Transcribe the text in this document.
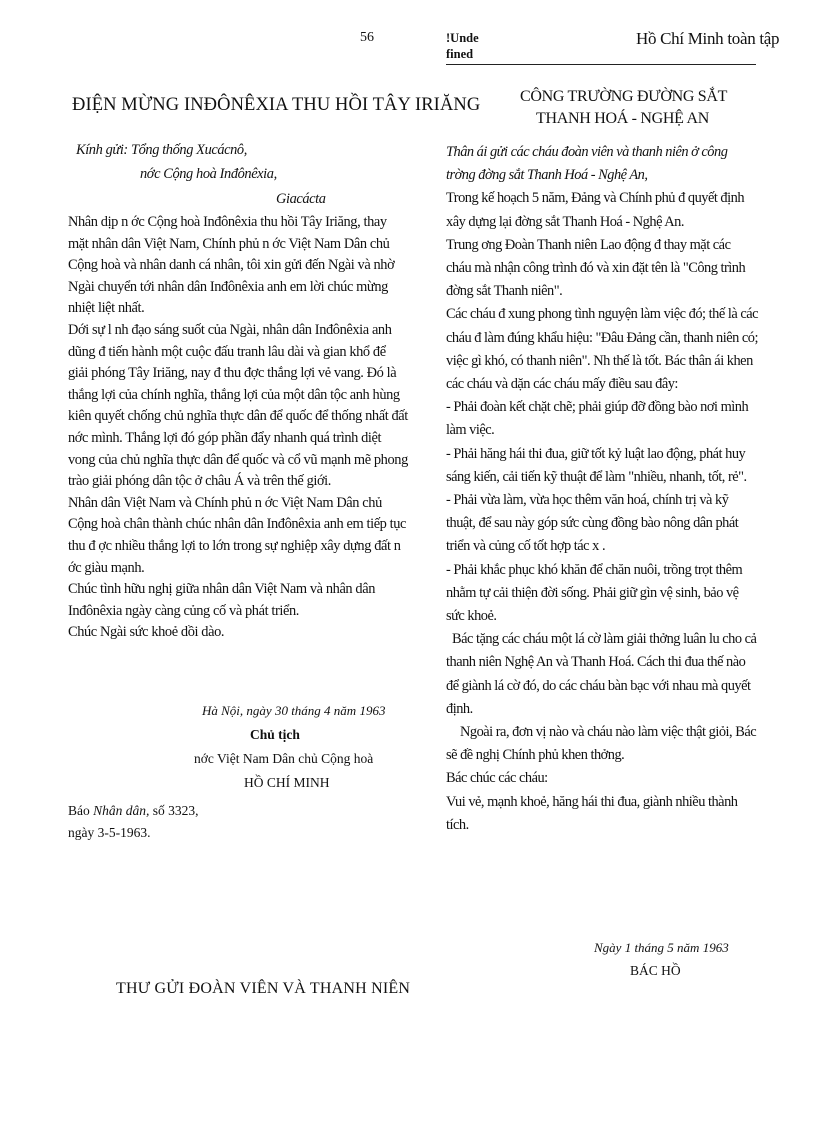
56	!Unde fined
Hồ Chí Minh toàn tập
ĐIỆN MỪNG INĐÔNÊXIA THU HỒI TÂY IRIĂNG
Kính gửi: Tổng thống Xucácnô,
nớc Cộng hoà Inđônêxia,
Giacácta

Nhân dịp n ớc Cộng hoà Inđônêxia thu hồi Tây Iriăng, thay mặt nhân dân Việt Nam, Chính phủ n ớc Việt Nam Dân chủ Cộng hoà và nhân danh cá nhân, tôi xin gửi đến Ngài và nhờ Ngài chuyển tới nhân dân Inđônêxia anh em lời chúc mừng nhiệt liệt nhất.

Dới sự l nh đạo sáng suốt của Ngài, nhân dân Inđônêxia anh dũng đ tiến hành một cuộc đấu tranh lâu dài và gian khổ để giải phóng Tây Iriăng, nay đ thu đợc thắng lợi vẻ vang. Đó là thắng lợi của chính nghĩa, thắng lợi của một dân tộc anh hùng kiên quyết chống chủ nghĩa thực dân để quốc để thống nhất đất nớc mình. Thắng lợi đó góp phần đẩy nhanh quá trình diệt vong của chủ nghĩa thực dân để quốc và cổ vũ mạnh mẽ phong trào giải phóng dân tộc ở châu Á và trên thế giới.

Nhân dân Việt Nam và Chính phủ n ớc Việt Nam Dân chủ Cộng hoà chân thành chúc nhân dân Inđônêxia anh em tiếp tục thu đ ợc nhiều thắng lợi to lớn trong sự nghiệp xây dựng đất n ớc giàu mạnh.

Chúc tình hữu nghị giữa nhân dân Việt Nam và nhân dân Inđônêxia ngày càng củng cố và phát triển.

Chúc Ngài sức khoẻ dồi dào.

Hà Nội, ngày 30 tháng 4 năm 1963
Chủ tịch
nớc Việt Nam Dân chủ Cộng hoà
HỒ CHÍ MINH
Báo Nhân dân, số 3323,
ngày 3-5-1963.
THƯ GỬI ĐOÀN VIÊN VÀ THANH NIÊN
CÔNG TRƯỜNG ĐƯỜNG SẮT
THANH HOÁ - NGHỆ AN

Thân ái gửi các cháu đoàn viên và thanh niên ở công trờng đờng sắt Thanh Hoá - Nghệ An,

Trong kế hoạch 5 năm, Đảng và Chính phủ đ quyết định xây dựng lại đờng sắt Thanh Hoá - Nghệ An.

Trung ơng Đoàn Thanh niên Lao động đ thay mặt các cháu mà nhận công trình đó và xin đặt tên là "Công trình đờng sắt Thanh niên".

Các cháu đ xung phong tình nguyện làm việc đó; thế là các cháu đ làm đúng khẩu hiệu: "Đâu Đảng cần, thanh niên có; việc gì khó, có thanh niên". Nh thế là tốt. Bác thân ái khen các cháu và dặn các cháu mấy điều sau đây:

- Phải đoàn kết chặt chẽ; phải giúp đỡ đồng bào nơi mình làm việc.

- Phải hăng hái thi đua, giữ tốt kỷ luật lao động, phát huy sáng kiến, cải tiến kỹ thuật để làm "nhiều, nhanh, tốt, rẻ".

- Phải vừa làm, vừa học thêm văn hoá, chính trị và kỹ thuật, để sau này góp sức cùng đồng bào nông dân phát triển và củng cố tốt hợp tác x .

- Phải khắc phục khó khăn để chăn nuôi, trồng trọt thêm nhằm tự cải thiện đời sống. Phải giữ gìn vệ sinh, bảo vệ sức khoẻ.

Bác tặng các cháu một lá cờ làm giải thởng luân lu cho cả thanh niên Nghệ An và Thanh Hoá. Cách thi đua thế nào để giành lá cờ đó, do các cháu bàn bạc với nhau mà quyết định.

Ngoài ra, đơn vị nào và cháu nào làm việc thật giỏi, Bác sẽ đề nghị Chính phủ khen thởng.

Bác chúc các cháu:

Vui vẻ, mạnh khoẻ, hăng hái thi đua, giành nhiều thành tích.

Ngày 1 tháng 5 năm 1963
BÁC HỒ
